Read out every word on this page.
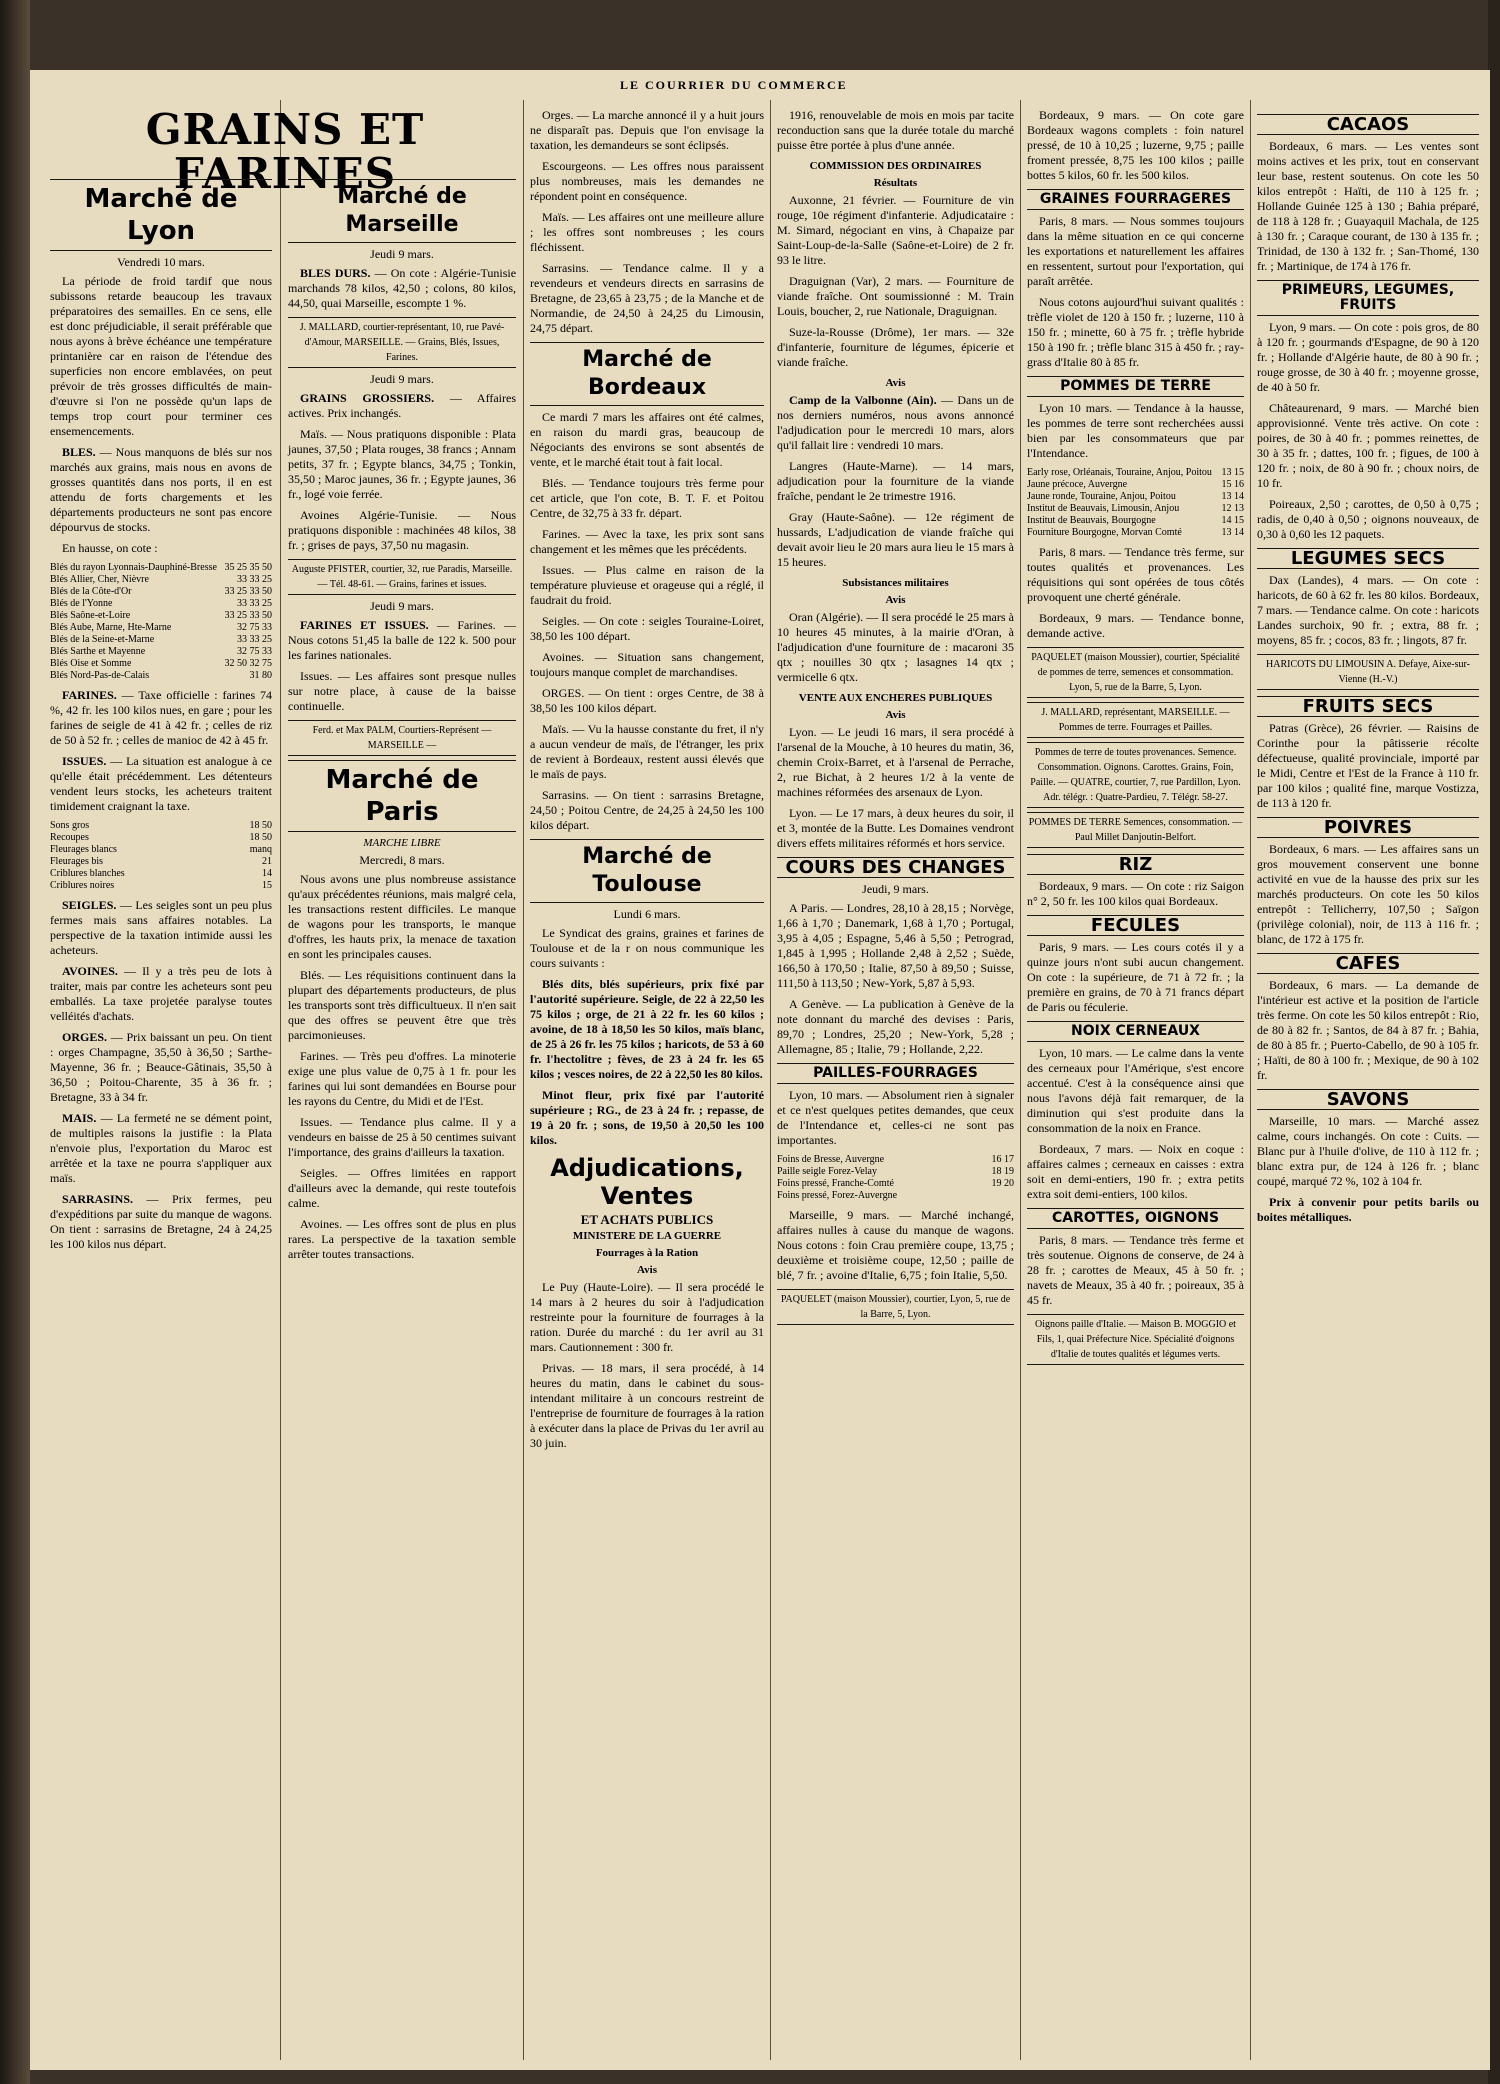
LE COURRIER DU COMMERCE
GRAINS ET FARINES
Marché de Lyon
Vendredi 10 mars.

La période de froid tardif que nous subissons retarde beaucoup les travaux préparatoires des semailles. En ce sens, elle est donc préjudiciable, il serait préférable que nous ayons à brève échéance une température printanière car en raison de l'étendue des superficies non encore emblavées, on peut prévoir de très grosses difficultés de main-d'œuvre si l'on ne possède qu'un laps de temps trop court pour terminer ces ensemencements.

BLES. — Nous manquons de blés sur nos marchés aux grains, mais nous en avons de grosses quantités dans nos ports, il en est attendu de forts chargements et les départements producteurs ne sont pas encore dépourvus de stocks.

En hausse, on cote :

Blés du rayon Lyonnais-Dauphiné-Bresse	35 25 35 50
Blés Allier, Cher, Nièvre	33 33 25
Blés de la Côte-d'Or	33 25 33 50
Blés de l'Yonne	33 33 25
Blés Saône-et-Loire	33 25 33 50
Blés Aube, Marne, Hte-Marne	32 75 33
Blés de la Seine-et-Marne	33 33 25
Blés Sarthe et Mayenne	32 75 33
Blés Oise et Somme	32 50 32 75
Blés Nord-Pas-de-Calais	31 80

FARINES. — Taxe officielle : farines 74 %, 42 fr. les 100 kilos nues, en gare ; pour les farines de seigle de 41 à 42 fr. ; celles de riz de 50 à 52 fr. ; celles de manioc de 42 à 45 fr.

ISSUES. — La situation est analogue à ce qu'elle était précédemment. Les détenteurs vendent leurs stocks, les acheteurs traitent timidement craignant la taxe.

Sons gros	18 50
Recoupes	18 50
Fleurages blancs	manq
Fleurages bis	21
Criblures blanches	14
Criblures noires	15

SEIGLES. — Les seigles sont un peu plus fermes mais sans affaires notables. La perspective de la taxation intimide aussi les acheteurs.

AVOINES. — Il y a très peu de lots à traiter, mais par contre les acheteurs sont peu emballés. La taxe projetée paralyse toutes velléités d'achats.

ORGES. — Prix baissant un peu. On tient : orges Champagne, 35,50 à 36,50 ; Sarthe-Mayenne, 36 fr. ; Beauce-Gâtinais, 35,50 à 36,50 ; Poitou-Charente, 35 à 36 fr. ; Bretagne, 33 à 34 fr.

MAIS. — La fermeté ne se dément point, de multiples raisons la justifie : la Plata n'envoie plus, l'exportation du Maroc est arrêtée et la taxe ne pourra s'appliquer aux maïs.

SARRASINS. — Prix fermes, peu d'expéditions par suite du manque de wagons. On tient : sarrasins de Bretagne, 24 à 24,25 les 100 kilos nus départ.

Marché de Marseille
Jeudi 9 mars.

BLES DURS. — On cote : Algérie-Tunisie marchands 78 kilos, 42,50 ; colons, 80 kilos, 44,50, quai Marseille, escompte 1 %.

J. MALLARD, courtier-représentant, 10, rue Pavé-d'Amour, MARSEILLE. — Grains, Blés, Issues, Farines.
Jeudi 9 mars.

GRAINS GROSSIERS. — Affaires actives. Prix inchangés.

Maïs. — Nous pratiquons disponible : Plata jaunes, 37,50 ; Plata rouges, 38 francs ; Annam petits, 37 fr. ; Egypte blancs, 34,75 ; Tonkin, 35,50 ; Maroc jaunes, 36 fr. ; Egypte jaunes, 36 fr., logé voie ferrée.

Avoines Algérie-Tunisie. — Nous pratiquons disponible : machinées 48 kilos, 38 fr. ; grises de pays, 37,50 nu magasin.

Auguste PFISTER, courtier, 32, rue Paradis, Marseille. — Tél. 48-61. — Grains, farines et issues.
Jeudi 9 mars.

FARINES ET ISSUES. — Farines. — Nous cotons 51,45 la balle de 122 k. 500 pour les farines nationales.

Issues. — Les affaires sont presque nulles sur notre place, à cause de la baisse continuelle.

Ferd. et Max PALM, Courtiers-Représent — MARSEILLE —
Marché de Paris
MARCHE LIBRE
Mercredi, 8 mars.

Nous avons une plus nombreuse assistance qu'aux précédentes réunions, mais malgré cela, les transactions restent difficiles. Le manque de wagons pour les transports, le manque d'offres, les hauts prix, la menace de taxation en sont les principales causes.

Blés. — Les réquisitions continuent dans la plupart des départements producteurs, de plus les transports sont très difficultueux. Il n'en sait que des offres se peuvent être que très parcimonieuses.

Farines. — Très peu d'offres. La minoterie exige une plus value de 0,75 à 1 fr. pour les farines qui lui sont demandées en Bourse pour les rayons du Centre, du Midi et de l'Est.

Issues. — Tendance plus calme. Il y a vendeurs en baisse de 25 à 50 centimes suivant l'importance, des grains d'ailleurs la taxation.

Seigles. — Offres limitées en rapport d'ailleurs avec la demande, qui reste toutefois calme.

Avoines. — Les offres sont de plus en plus rares. La perspective de la taxation semble arrêter toutes transactions.

Orges. — La marche annoncé il y a huit jours ne disparaît pas. Depuis que l'on envisage la taxation, les demandeurs se sont éclipsés.

Escourgeons. — Les offres nous paraissent plus nombreuses, mais les demandes ne répondent point en conséquence.

Maïs. — Les affaires ont une meilleure allure ; les offres sont nombreuses ; les cours fléchissent.

Sarrasins. — Tendance calme. Il y a revendeurs et vendeurs directs en sarrasins de Bretagne, de 23,65 à 23,75 ; de la Manche et de Normandie, de 24,50 à 24,25 du Limousin, 24,75 départ.

Marché de Bordeaux

Ce mardi 7 mars les affaires ont été calmes, en raison du mardi gras, beaucoup de Négociants des environs se sont absentés de vente, et le marché était tout à fait local.

Blés. — Tendance toujours très ferme pour cet article, que l'on cote, B. T. F. et Poitou Centre, de 32,75 à 33 fr. départ.

Farines. — Avec la taxe, les prix sont sans changement et les mêmes que les précédents.

Issues. — Plus calme en raison de la température pluvieuse et orageuse qui a réglé, il faudrait du froid.

Seigles. — On cote : seigles Touraine-Loiret, 38,50 les 100 départ.

Avoines. — Situation sans changement, toujours manque complet de marchandises.

ORGES. — On tient : orges Centre, de 38 à 38,50 les 100 kilos départ.

Maïs. — Vu la hausse constante du fret, il n'y a aucun vendeur de maïs, de l'étranger, les prix de revient à Bordeaux, restent aussi élevés que le maïs de pays.

Sarrasins. — On tient : sarrasins Bretagne, 24,50 ; Poitou Centre, de 24,25 à 24,50 les 100 kilos départ.

Marché de Toulouse
Lundi 6 mars.

Le Syndicat des grains, graines et farines de Toulouse et de la r on nous communique les cours suivants :

Blés dits, blés supérieurs, prix fixé par l'autorité supérieure. Seigle, de 22 à 22,50 les 75 kilos ; orge, de 21 à 22 fr. les 60 kilos ; avoine, de 18 à 18,50 les 50 kilos, maïs blanc, de 25 à 26 fr. les 75 kilos ; haricots, de 53 à 60 fr. l'hectolitre ; fèves, de 23 à 24 fr. les 65 kilos ; vesces noires, de 22 à 22,50 les 80 kilos.

Minot fleur, prix fixé par l'autorité supérieure ; RG., de 23 à 24 fr. ; repasse, de 19 à 20 fr. ; sons, de 19,50 à 20,50 les 100 kilos.

Adjudications, Ventes
ET ACHATS PUBLICS
MINISTERE DE LA GUERRE
Fourrages à la Ration
Avis

Le Puy (Haute-Loire). — Il sera procédé le 14 mars à 2 heures du soir à l'adjudication restreinte pour la fourniture de fourrages à la ration. Durée du marché : du 1er avril au 31 mars. Cautionnement : 300 fr.

Privas. — 18 mars, il sera procédé, à 14 heures du matin, dans le cabinet du sous-intendant militaire à un concours restreint de l'entreprise de fourniture de fourrages à la ration à exécuter dans la place de Privas du 1er avril au 30 juin.

1916, renouvelable de mois en mois par tacite reconduction sans que la durée totale du marché puisse être portée à plus d'une année.

COMMISSION DES ORDINAIRES
Résultats

Auxonne, 21 février. — Fourniture de vin rouge, 10e régiment d'infanterie. Adjudicataire : M. Simard, négociant en vins, à Chapaize par Saint-Loup-de-la-Salle (Saône-et-Loire) de 2 fr. 93 le litre.

Draguignan (Var), 2 mars. — Fourniture de viande fraîche. Ont soumissionné : M. Train Louis, boucher, 2, rue Nationale, Draguignan.

Suze-la-Rousse (Drôme), 1er mars. — 32e d'infanterie, fourniture de légumes, épicerie et viande fraîche.

Avis

Camp de la Valbonne (Ain). — Dans un de nos derniers numéros, nous avons annoncé l'adjudication pour le mercredi 10 mars, alors qu'il fallait lire : vendredi 10 mars.

Langres (Haute-Marne). — 14 mars, adjudication pour la fourniture de la viande fraîche, pendant le 2e trimestre 1916.

Gray (Haute-Saône). — 12e régiment de hussards, L'adjudication de viande fraîche qui devait avoir lieu le 20 mars aura lieu le 15 mars à 15 heures.

Subsistances militaires
Avis

Oran (Algérie). — Il sera procédé le 25 mars à 10 heures 45 minutes, à la mairie d'Oran, à l'adjudication d'une fourniture de : macaroni 35 qtx ; nouilles 30 qtx ; lasagnes 14 qtx ; vermicelle 6 qtx.

VENTE AUX ENCHERES PUBLIQUES
Avis

Lyon. — Le jeudi 16 mars, il sera procédé à l'arsenal de la Mouche, à 10 heures du matin, 36, chemin Croix-Barret, et à l'arsenal de Perrache, 2, rue Bichat, à 2 heures 1/2 à la vente de machines réformées des arsenaux de Lyon.

Lyon. — Le 17 mars, à deux heures du soir, il et 3, montée de la Butte. Les Domaines vendront divers effets militaires réformés et hors service.

COURS DES CHANGES
Jeudi, 9 mars.

A Paris. — Londres, 28,10 à 28,15 ; Norvège, 1,66 à 1,70 ; Danemark, 1,68 à 1,70 ; Portugal, 3,95 à 4,05 ; Espagne, 5,46 à 5,50 ; Petrograd, 1,845 à 1,995 ; Hollande 2,48 à 2,52 ; Suède, 166,50 à 170,50 ; Italie, 87,50 à 89,50 ; Suisse, 111,50 à 113,50 ; New-York, 5,87 à 5,93.

A Genève. — La publication à Genève de la note donnant du marché des devises : Paris, 89,70 ; Londres, 25,20 ; New-York, 5,28 ; Allemagne, 85 ; Italie, 79 ; Hollande, 2,22.

PAILLES-FOURRAGES

Lyon, 10 mars. — Absolument rien à signaler et ce n'est quelques petites demandes, que ceux de l'Intendance et, celles-ci ne sont pas importantes.

Foins de Bresse, Auvergne	16 17
Paille seigle Forez-Velay	18 19
Foins pressé, Franche-Comté	19 20
Foins pressé, Forez-Auvergne	

Marseille, 9 mars. — Marché inchangé, affaires nulles à cause du manque de wagons. Nous cotons : foin Crau première coupe, 13,75 ; deuxième et troisième coupe, 12,50 ; paille de blé, 7 fr. ; avoine d'Italie, 6,75 ; foin Italie, 5,50.

PAQUELET (maison Moussier), courtier, Lyon, 5, rue de la Barre, 5, Lyon.

Bordeaux, 9 mars. — On cote gare Bordeaux wagons complets : foin naturel pressé, de 10 à 10,25 ; luzerne, 9,75 ; paille froment pressée, 8,75 les 100 kilos ; paille bottes 5 kilos, 60 fr. les 500 kilos.

GRAINES FOURRAGERES

Paris, 8 mars. — Nous sommes toujours dans la même situation en ce qui concerne les exportations et naturellement les affaires en ressentent, surtout pour l'exportation, qui paraît arrêtée.

Nous cotons aujourd'hui suivant qualités : trèfle violet de 120 à 150 fr. ; luzerne, 110 à 150 fr. ; minette, 60 à 75 fr. ; trèfle hybride 150 à 190 fr. ; trèfle blanc 315 à 450 fr. ; ray-grass d'Italie 80 à 85 fr.

POMMES DE TERRE

Lyon 10 mars. — Tendance à la hausse, les pommes de terre sont recherchées aussi bien par les consommateurs que par l'Intendance.

Early rose, Orléanais, Touraine, Anjou, Poitou	13 15
Jaune précoce, Auvergne	15 16
Jaune ronde, Touraine, Anjou, Poitou	13 14
Institut de Beauvais, Limousin, Anjou	12 13
Institut de Beauvais, Bourgogne	14 15
Fourniture Bourgogne, Morvan Comté	13 14

Paris, 8 mars. — Tendance très ferme, sur toutes qualités et provenances. Les réquisitions qui sont opérées de tous côtés provoquent une cherté générale.

Bordeaux, 9 mars. — Tendance bonne, demande active.

PAQUELET (maison Moussier), courtier, Spécialité de pommes de terre, semences et consommation. Lyon, 5, rue de la Barre, 5, Lyon.
J. MALLARD, représentant, MARSEILLE. — Pommes de terre. Fourrages et Pailles.
Pommes de terre de toutes provenances. Semence. Consommation. Oignons. Carottes. Grains, Foin, Paille. — QUATRE, courtier, 7, rue Pardillon, Lyon. Adr. télégr. : Quatre-Pardieu, 7. Télégr. 58-27.
POMMES DE TERRE Semences, consommation. — Paul Millet Danjoutin-Belfort.
RIZ

Bordeaux, 9 mars. — On cote : riz Saigon n° 2, 50 fr. les 100 kilos quai Bordeaux.

FECULES

Paris, 9 mars. — Les cours cotés il y a quinze jours n'ont subi aucun changement. On cote : la supérieure, de 71 à 72 fr. ; la première en grains, de 70 à 71 francs départ de Paris ou féculerie.

NOIX CERNEAUX

Lyon, 10 mars. — Le calme dans la vente des cerneaux pour l'Amérique, s'est encore accentué. C'est à la conséquence ainsi que nous l'avons déjà fait remarquer, de la diminution qui s'est produite dans la consommation de la noix en France.

Bordeaux, 7 mars. — Noix en coque : affaires calmes ; cerneaux en caisses : extra soit en demi-entiers, 190 fr. ; extra petits extra soit demi-entiers, 100 kilos.

CAROTTES, OIGNONS

Paris, 8 mars. — Tendance très ferme et très soutenue. Oignons de conserve, de 24 à 28 fr. ; carottes de Meaux, 45 à 50 fr. ; navets de Meaux, 35 à 40 fr. ; poireaux, 35 à 45 fr.

Oignons paille d'Italie. — Maison B. MOGGIO et Fils, 1, quai Préfecture Nice. Spécialité d'oignons d'Italie de toutes qualités et légumes verts.
CACAOS

Bordeaux, 6 mars. — Les ventes sont moins actives et les prix, tout en conservant leur base, restent soutenus. On cote les 50 kilos entrepôt : Haïti, de 110 à 125 fr. ; Hollande Guinée 125 à 130 ; Bahia préparé, de 118 à 128 fr. ; Guayaquil Machala, de 125 à 130 fr. ; Caraque courant, de 130 à 135 fr. ; Trinidad, de 130 à 132 fr. ; San-Thomé, 130 fr. ; Martinique, de 174 à 176 fr.

PRIMEURS, LEGUMES, FRUITS

Lyon, 9 mars. — On cote : pois gros, de 80 à 120 fr. ; gourmands d'Espagne, de 90 à 120 fr. ; Hollande d'Algérie haute, de 80 à 90 fr. ; rouge grosse, de 30 à 40 fr. ; moyenne grosse, de 40 à 50 fr.

Châteaurenard, 9 mars. — Marché bien approvisionné. Vente très active. On cote : poires, de 30 à 40 fr. ; pommes reinettes, de 30 à 35 fr. ; dattes, 100 fr. ; figues, de 100 à 120 fr. ; noix, de 80 à 90 fr. ; choux noirs, de 10 fr.

Poireaux, 2,50 ; carottes, de 0,50 à 0,75 ; radis, de 0,40 à 0,50 ; oignons nouveaux, de 0,30 à 0,60 les 12 paquets.

LEGUMES SECS

Dax (Landes), 4 mars. — On cote : haricots, de 60 à 62 fr. les 80 kilos. Bordeaux, 7 mars. — Tendance calme. On cote : haricots Landes surchoix, 90 fr. ; extra, 88 fr. ; moyens, 85 fr. ; cocos, 83 fr. ; lingots, 87 fr.

HARICOTS DU LIMOUSIN A. Defaye, Aixe-sur-Vienne (H.-V.)
FRUITS SECS

Patras (Grèce), 26 février. — Raisins de Corinthe pour la pâtisserie récolte défectueuse, qualité provinciale, importé par le Midi, Centre et l'Est de la France à 110 fr. par 100 kilos ; qualité fine, marque Vostizza, de 113 à 120 fr.

POIVRES

Bordeaux, 6 mars. — Les affaires sans un gros mouvement conservent une bonne activité en vue de la hausse des prix sur les marchés producteurs. On cote les 50 kilos entrepôt : Tellicherry, 107,50 ; Saïgon (privilège colonial), noir, de 113 à 116 fr. ; blanc, de 172 à 175 fr.

CAFES

Bordeaux, 6 mars. — La demande de l'intérieur est active et la position de l'article très ferme. On cote les 50 kilos entrepôt : Rio, de 80 à 82 fr. ; Santos, de 84 à 87 fr. ; Bahia, de 80 à 85 fr. ; Puerto-Cabello, de 90 à 105 fr. ; Haïti, de 80 à 100 fr. ; Mexique, de 90 à 102 fr.

SAVONS

Marseille, 10 mars. — Marché assez calme, cours inchangés. On cote : Cuits. — Blanc pur à l'huile d'olive, de 110 à 112 fr. ; blanc extra pur, de 124 à 126 fr. ; blanc coupé, marqué 72 %, 102 à 104 fr.

Prix à convenir pour petits barils ou boites métalliques.
